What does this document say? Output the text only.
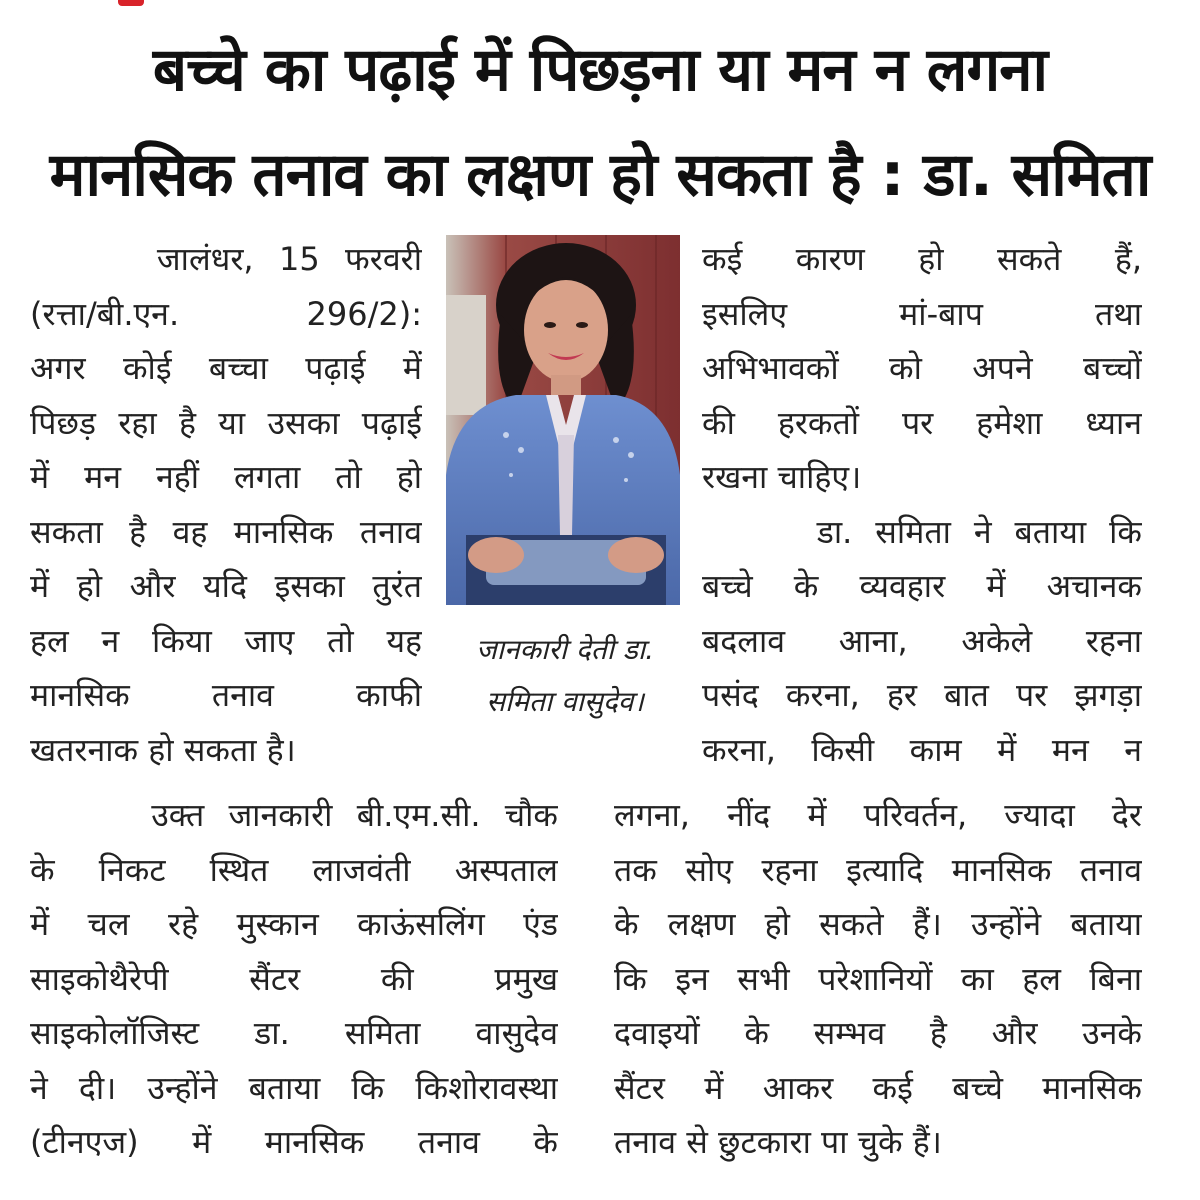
बच्चे का पढ़ाई में पिछड़ना या मन न लगना
मानसिक तनाव का लक्षण हो सकता है : डा. समिता
जालंधर, 15 फरवरी
(रत्ता/बी.एन. 296/2):
अगर कोई बच्चा पढ़ाई में
पिछड़ रहा है या उसका पढ़ाई
में मन नहीं लगता तो हो
सकता है वह मानसिक तनाव
में हो और यदि इसका तुरंत
हल न किया जाए तो यह
मानसिक तनाव काफी
खतरनाक हो सकता है।
उक्त जानकारी बी.एम.सी. चौक
के निकट स्थित लाजवंती अस्पताल
में चल रहे मुस्कान काऊंसलिंग एंड
साइकोथैरेपी सैंटर की प्रमुख
साइकोलॉजिस्ट डा. समिता वासुदेव
ने दी। उन्होंने बताया कि किशोरावस्था
(टीनएज) में मानसिक तनाव के
कई कारण हो सकते हैं,
इसलिए मां-बाप तथा
अभिभावकों को अपने बच्चों
की हरकतों पर हमेशा ध्यान
रखना चाहिए।
डा. समिता ने बताया कि
बच्चे के व्यवहार में अचानक
बदलाव आना, अकेले रहना
पसंद करना, हर बात पर झगड़ा
करना, किसी काम में मन न
लगना, नींद में परिवर्तन, ज्यादा देर
तक सोए रहना इत्यादि मानसिक तनाव
के लक्षण हो सकते हैं। उन्होंने बताया
कि इन सभी परेशानियों का हल बिना
दवाइयों के सम्भव है और उनके
सैंटर में आकर कई बच्चे मानसिक
तनाव से छुटकारा पा चुके हैं।
जानकारी देती डा.
समिता वासुदेव।
